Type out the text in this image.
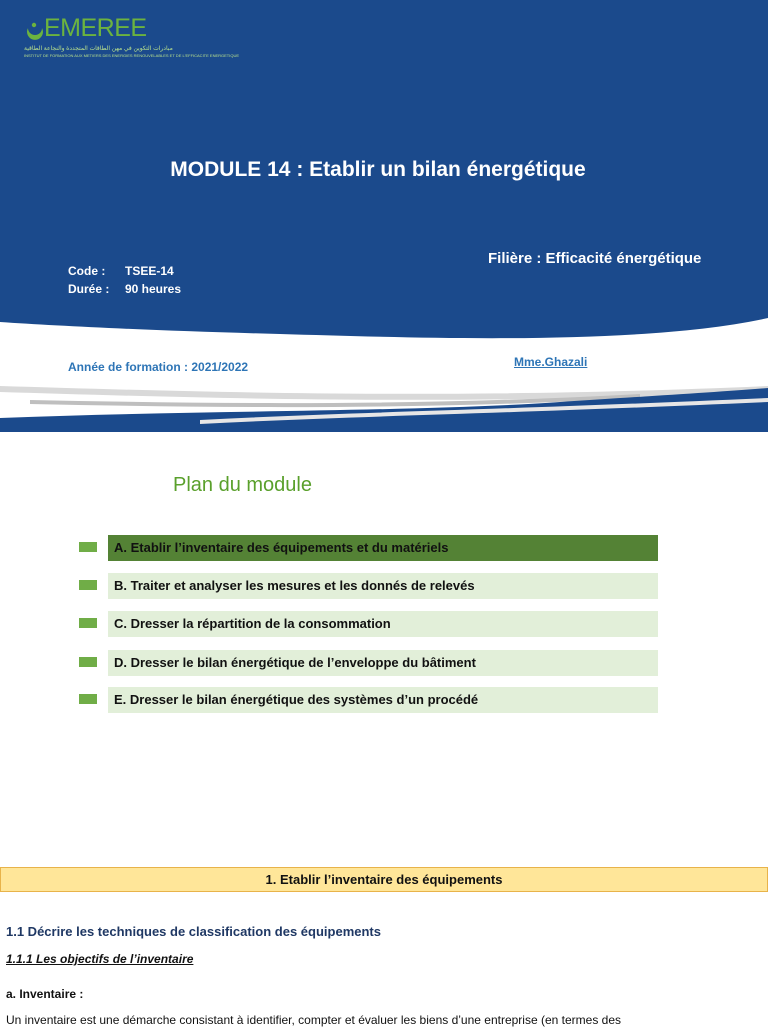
EMEREE
مبادرات التكوين في مهن الطاقات المتجددة والنجاعة الطاقية
INSTITUT DE FORMATION AUX METIERS DES ENERGIES RENOUVELABLES ET DE L'EFFICACITE ENERGETIQUE
MODULE 14 : Etablir un bilan énergétique
Filière : Efficacité énergétique
Code : TSEE-14
Durée : 90 heures
Année de formation : 2021/2022	Mme.Ghazali
Plan du module
A. Etablir l’inventaire des équipements et du matériels
B. Traiter et analyser les mesures et les donnés de relevés
C. Dresser la répartition de la consommation
D. Dresser le bilan énergétique de l’enveloppe du bâtiment
E. Dresser le bilan énergétique des systèmes d’un procédé
1. Etablir l’inventaire des équipements
1.1 Décrire les techniques de classification des équipements
1.1.1 Les objectifs de l’inventaire
a. Inventaire :
Un inventaire est une démarche consistant à identifier, compter et évaluer les biens d’une entreprise (en termes des
